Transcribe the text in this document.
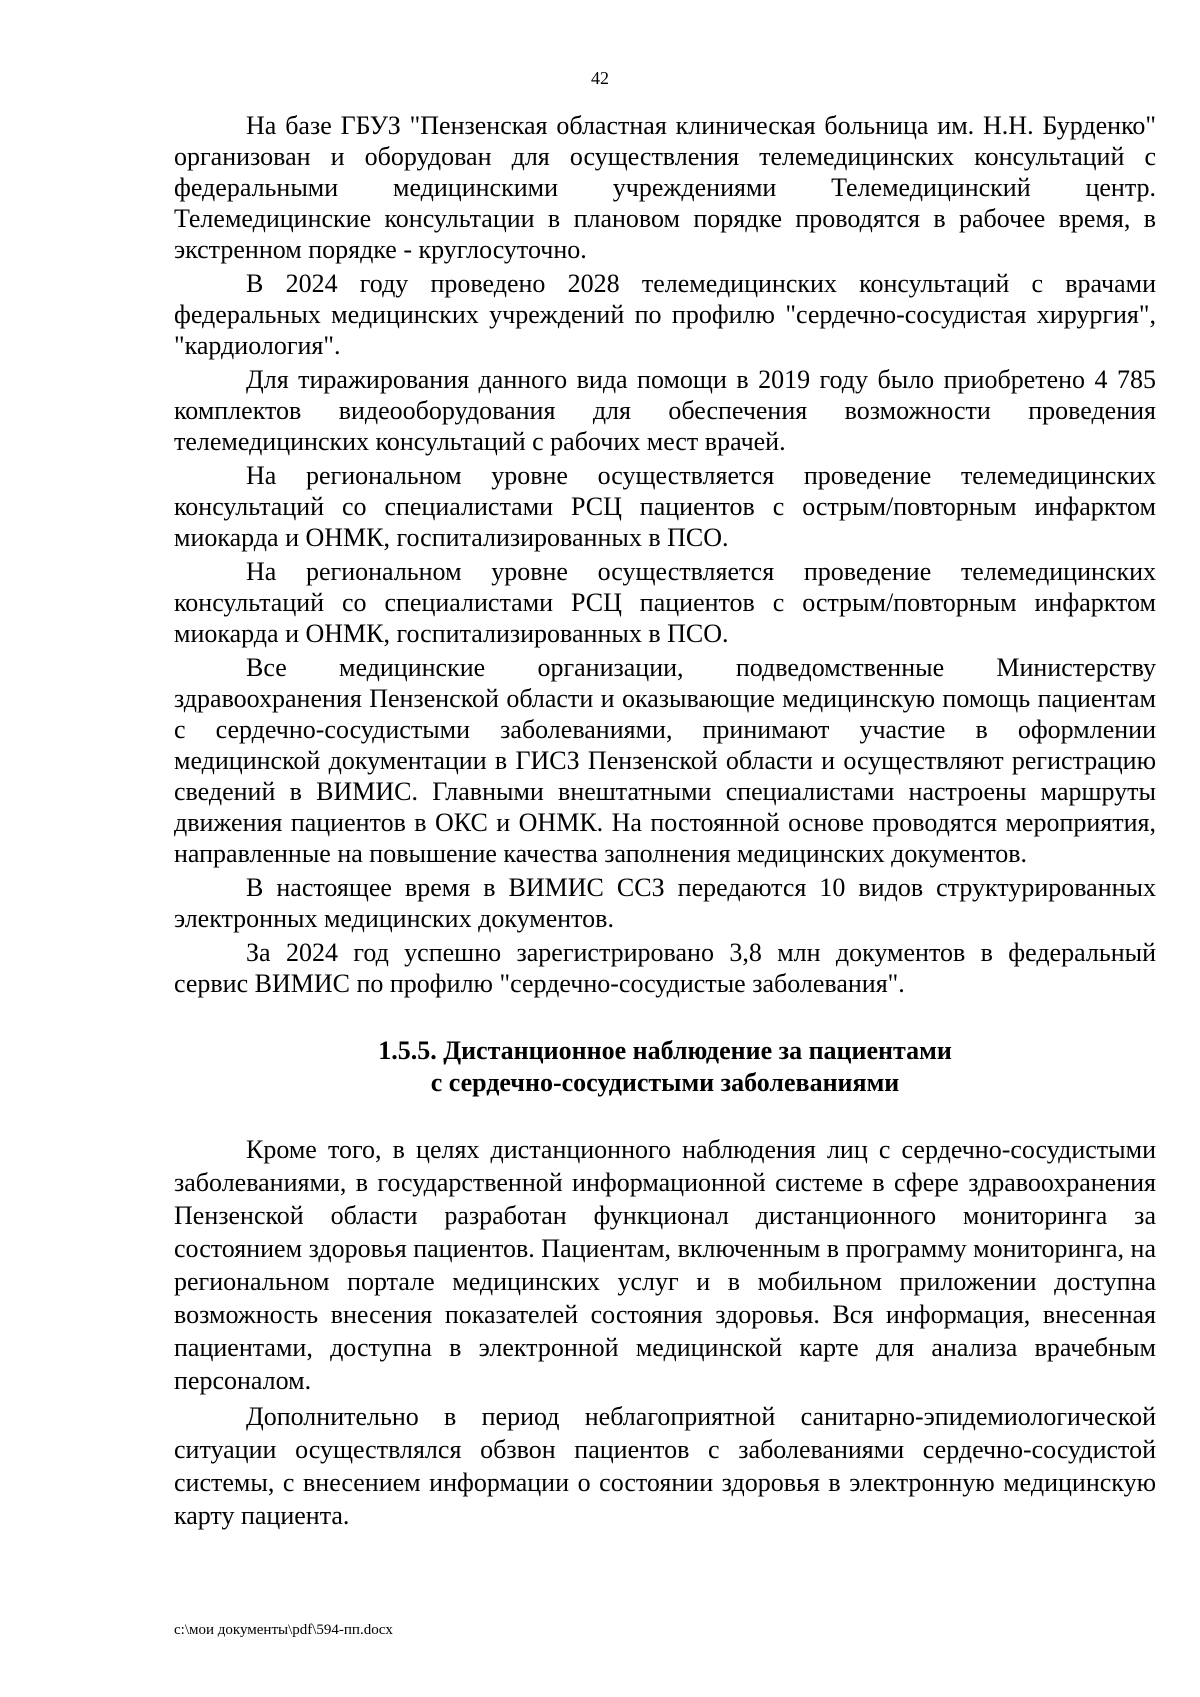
42

На базе ГБУЗ "Пензенская областная клиническая больница им. Н.Н. Бурденко" организован и оборудован для осуществления телемедицинских консультаций с федеральными медицинскими учреждениями Телемедицинский центр. Телемедицинские консультации в плановом порядке проводятся в рабочее время, в экстренном порядке - круглосуточно.

В 2024 году проведено 2028 телемедицинских консультаций с врачами федеральных медицинских учреждений по профилю "сердечно-сосудистая хирургия", "кардиология".

Для тиражирования данного вида помощи в 2019 году было приобретено 4 785 комплектов видеооборудования для обеспечения возможности проведения телемедицинских консультаций с рабочих мест врачей.

На региональном уровне осуществляется проведение телемедицинских консультаций со специалистами РСЦ пациентов с острым/повторным инфарктом миокарда и ОНМК, госпитализированных в ПСО.

На региональном уровне осуществляется проведение телемедицинских консультаций со специалистами РСЦ пациентов с острым/повторным инфарктом миокарда и ОНМК, госпитализированных в ПСО.

Все медицинские организации, подведомственные Министерству здравоохранения Пензенской области и оказывающие медицинскую помощь пациентам с сердечно-сосудистыми заболеваниями, принимают участие в оформлении медицинской документации в ГИСЗ Пензенской области и осуществляют регистрацию сведений в ВИМИС. Главными внештатными специалистами настроены маршруты движения пациентов в ОКС и ОНМК. На постоянной основе проводятся мероприятия, направленные на повышение качества заполнения медицинских документов.

В настоящее время в ВИМИС ССЗ передаются 10 видов структурированных электронных медицинских документов.

За 2024 год успешно зарегистрировано 3,8 млн документов в федеральный сервис ВИМИС по профилю "сердечно-сосудистые заболевания".

1.5.5. Дистанционное наблюдение за пациентами
с сердечно-сосудистыми заболеваниями

Кроме того, в целях дистанционного наблюдения лиц с сердечно-сосудистыми заболеваниями, в государственной информационной системе в сфере здравоохранения Пензенской области разработан функционал дистанционного мониторинга за состоянием здоровья пациентов. Пациентам, включенным в программу мониторинга, на региональном портале медицинских услуг и в мобильном приложении доступна возможность внесения показателей состояния здоровья. Вся информация, внесенная пациентами, доступна в электронной медицинской карте для анализа врачебным персоналом.

Дополнительно в период неблагоприятной санитарно-эпидемиологической ситуации осуществлялся обзвон пациентов с заболеваниями сердечно-сосудистой системы, с внесением информации о состоянии здоровья в электронную медицинскую карту пациента.

c:\мои документы\pdf\594-пп.docx
